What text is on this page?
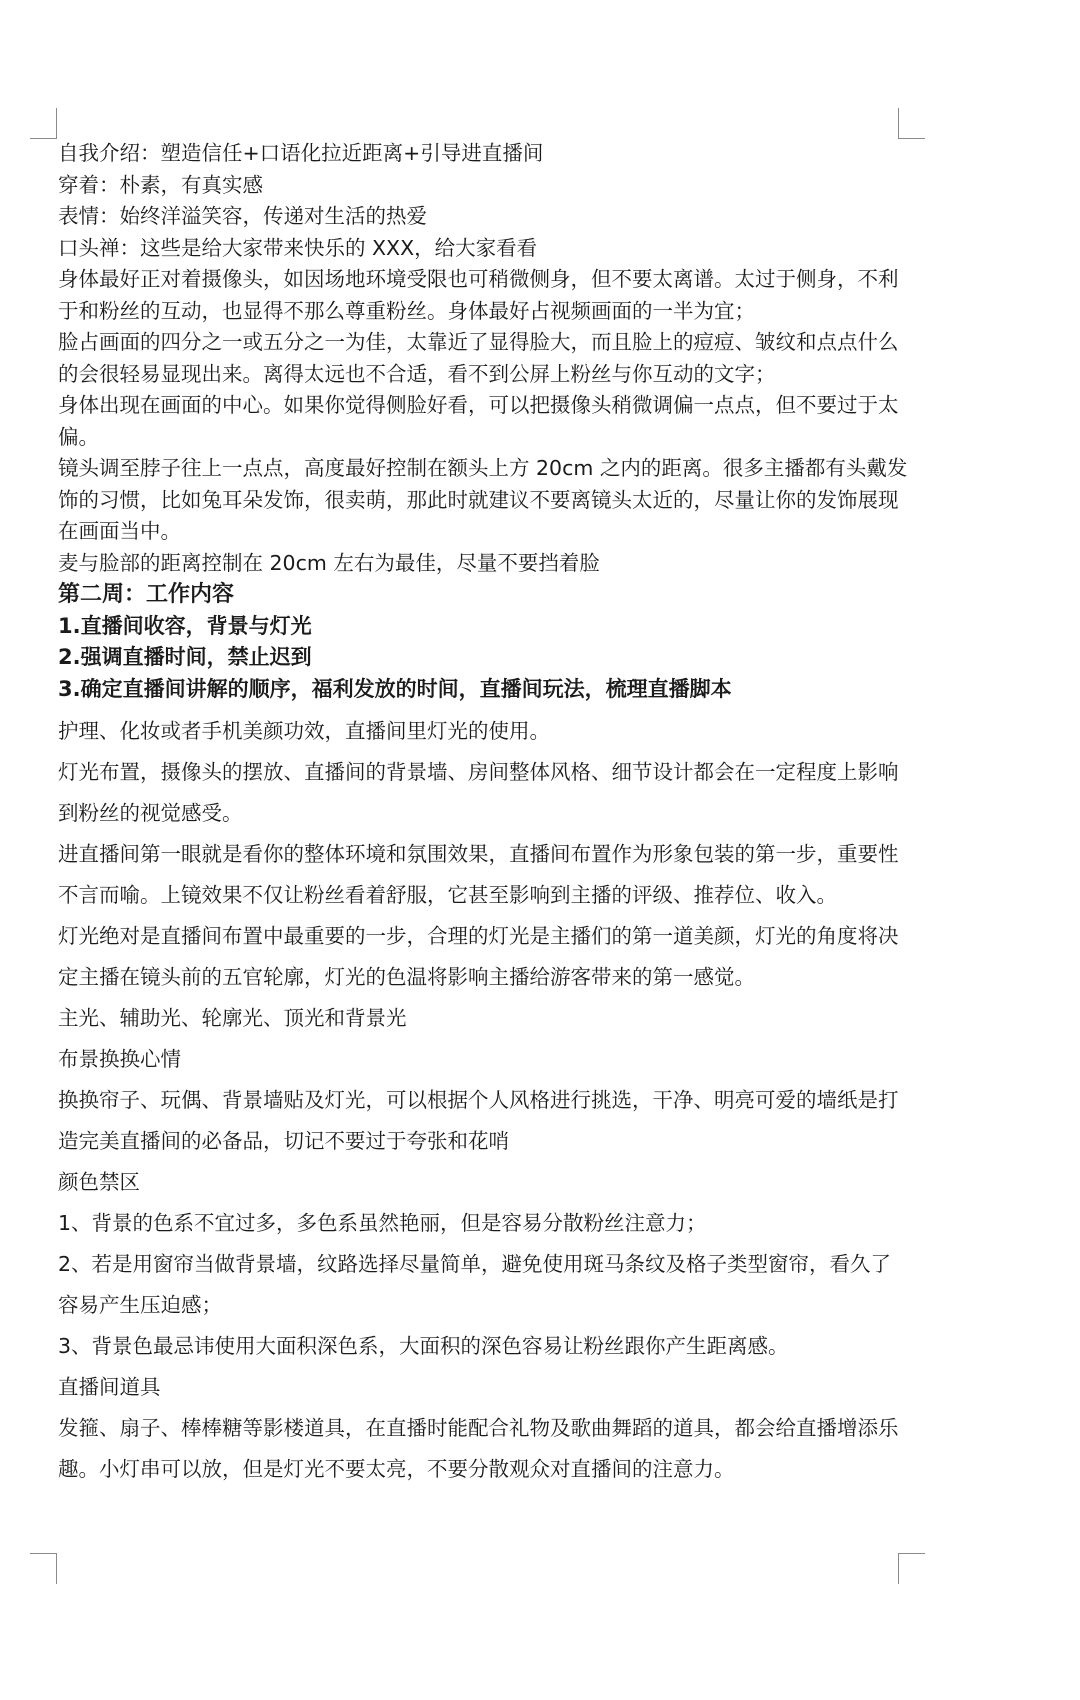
自我介绍：塑造信任+口语化拉近距离+引导进直播间

穿着：朴素，有真实感

表情：始终洋溢笑容，传递对生活的热爱

口头禅：这些是给大家带来快乐的 XXX，给大家看看

身体最好正对着摄像头，如因场地环境受限也可稍微侧身，但不要太离谱。太过于侧身，不利于和粉丝的互动，也显得不那么尊重粉丝。身体最好占视频画面的一半为宜；

脸占画面的四分之一或五分之一为佳，太靠近了显得脸大，而且脸上的痘痘、皱纹和点点什么的会很轻易显现出来。离得太远也不合适，看不到公屏上粉丝与你互动的文字；

身体出现在画面的中心。如果你觉得侧脸好看，可以把摄像头稍微调偏一点点，但不要过于太偏。

镜头调至脖子往上一点点，高度最好控制在额头上方 20cm 之内的距离。很多主播都有头戴发饰的习惯，比如兔耳朵发饰，很卖萌，那此时就建议不要离镜头太近的，尽量让你的发饰展现在画面当中。

麦与脸部的距离控制在 20cm 左右为最佳，尽量不要挡着脸

第二周：工作内容

1.直播间收容，背景与灯光

2.强调直播时间，禁止迟到

3.确定直播间讲解的顺序，福利发放的时间，直播间玩法，梳理直播脚本

护理、化妆或者手机美颜功效，直播间里灯光的使用。

灯光布置，摄像头的摆放、直播间的背景墙、房间整体风格、细节设计都会在一定程度上影响到粉丝的视觉感受。

进直播间第一眼就是看你的整体环境和氛围效果，直播间布置作为形象包装的第一步，重要性不言而喻。上镜效果不仅让粉丝看着舒服，它甚至影响到主播的评级、推荐位、收入。

灯光绝对是直播间布置中最重要的一步，合理的灯光是主播们的第一道美颜，灯光的角度将决定主播在镜头前的五官轮廓，灯光的色温将影响主播给游客带来的第一感觉。

主光、辅助光、轮廓光、顶光和背景光

布景换换心情

换换帘子、玩偶、背景墙贴及灯光，可以根据个人风格进行挑选，干净、明亮可爱的墙纸是打造完美直播间的必备品，切记不要过于夸张和花哨

颜色禁区

1、背景的色系不宜过多，多色系虽然艳丽，但是容易分散粉丝注意力；

2、若是用窗帘当做背景墙，纹路选择尽量简单，避免使用斑马条纹及格子类型窗帘，看久了容易产生压迫感；

3、背景色最忌讳使用大面积深色系，大面积的深色容易让粉丝跟你产生距离感。

直播间道具

发箍、扇子、棒棒糖等影楼道具，在直播时能配合礼物及歌曲舞蹈的道具，都会给直播增添乐趣。小灯串可以放，但是灯光不要太亮，不要分散观众对直播间的注意力。
